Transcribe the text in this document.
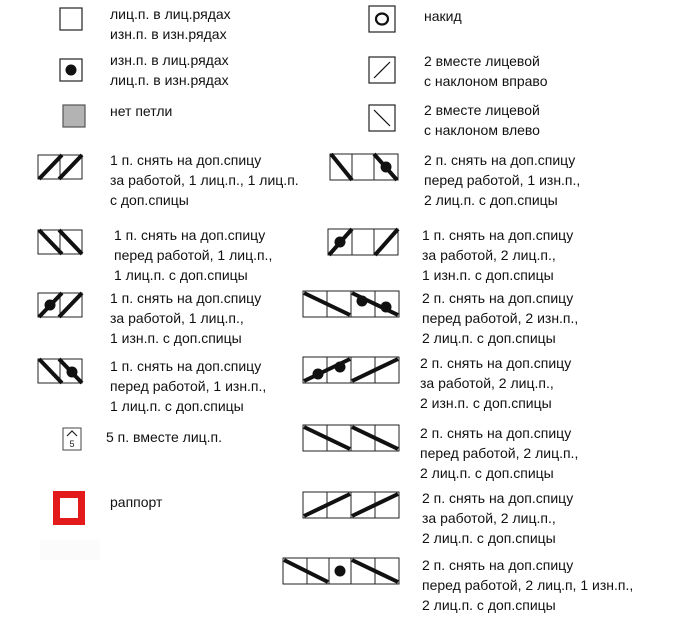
5
лиц.п. в лиц.рядах
изн.п. в изн.рядах
изн.п. в лиц.рядах
лиц.п. в изн.рядах
нет петли
1 п. снять на доп.спицу
за работой, 1 лиц.п., 1 лиц.п.
с доп.спицы
1 п. снять на доп.спицу
перед работой, 1 лиц.п.,
1 лиц.п. с доп.спицы
1 п. снять на доп.спицу
за работой, 1 лиц.п.,
1 изн.п. с доп.спицы
1 п. снять на доп.спицу
перед работой, 1 изн.п.,
1 лиц.п. с доп.спицы
5 п. вместе лиц.п.
раппорт
накид
2 вместе лицевой
с наклоном вправо
2 вместе лицевой
с наклоном влево
2 п. снять на доп.спицу
перед работой, 1 изн.п.,
2 лиц.п. с доп.спицы
1 п. снять на доп.спицу
за работой, 2 лиц.п.,
1 изн.п. с доп.спицы
2 п. снять на доп.спицу
перед работой, 2 изн.п.,
2 лиц.п. с доп.спицы
2 п. снять на доп.спицу
за работой, 2 лиц.п.,
2 изн.п. с доп.спицы
2 п. снять на доп.спицу
перед работой, 2 лиц.п.,
2 лиц.п. с доп.спицы
2 п. снять на доп.спицу
за работой, 2 лиц.п.,
2 лиц.п. с доп.спицы
2 п. снять на доп.спицу
перед работой, 2 лиц.п, 1 изн.п.,
2 лиц.п. с доп.спицы
